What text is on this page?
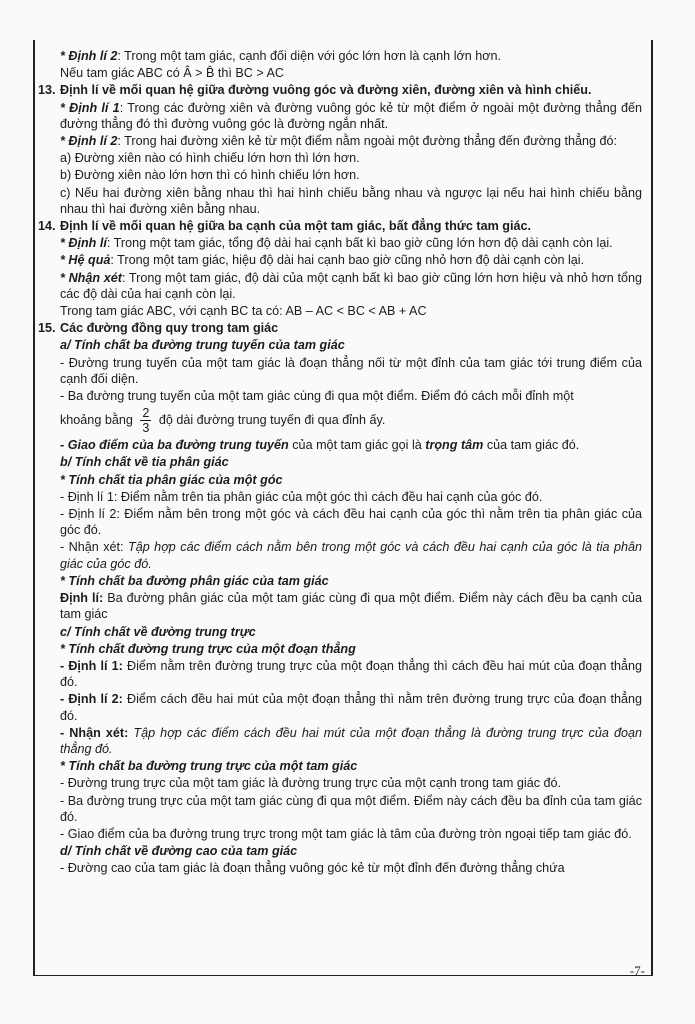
* Định lí 2: Trong một tam giác, cạnh đối diện với góc lớn hơn là cạnh lớn hơn.

Nếu tam giác ABC có Â > B̂ thì BC > AC

13. Định lí về mối quan hệ giữa đường vuông góc và đường xiên, đường xiên và hình chiếu.

* Định lí 1: Trong các đường xiên và đường vuông góc kẻ từ một điểm ở ngoài một đường thẳng đến đường thẳng đó thì đường vuông góc là đường ngắn nhất.

* Định lí 2: Trong hai đường xiên kẻ từ một điểm nằm ngoài một đường thẳng đến đường thẳng đó:

a) Đường xiên nào có hình chiếu lớn hơn thì lớn hơn.

b) Đường xiên nào lớn hơn thì có hình chiếu lớn hơn.

c) Nếu hai đường xiên bằng nhau thì hai hình chiếu bằng nhau và ngược lại nếu hai hình chiếu bằng nhau thì hai đường xiên bằng nhau.

14. Định lí về mối quan hệ giữa ba cạnh của một tam giác, bất đẳng thức tam giác.

* Định lí: Trong một tam giác, tổng độ dài hai cạnh bất kì bao giờ cũng lớn hơn độ dài cạnh còn lại.

* Hệ quả: Trong một tam giác, hiệu độ dài hai cạnh bao giờ cũng nhỏ hơn độ dài cạnh còn lại.

* Nhận xét: Trong một tam giác, độ dài của một cạnh bất kì bao giờ cũng lớn hơn hiệu và nhỏ hơn tổng các độ dài của hai cạnh còn lại.

Trong tam giác ABC, với cạnh BC ta có: AB – AC < BC < AB + AC

15. Các đường đồng quy trong tam giác

a/ Tính chất ba đường trung tuyến của tam giác

- Đường trung tuyến của một tam giác là đoạn thẳng nối từ một đỉnh của tam giác tới trung điểm của cạnh đối diện.

- Ba đường trung tuyến của một tam giác cùng đi qua một điểm. Điểm đó cách mỗi đỉnh một

khoảng bằng $\frac{2}{3}$ độ dài đường trung tuyến đi qua đỉnh ấy.

- Giao điểm của ba đường trung tuyến của một tam giác gọi là trọng tâm của tam giác đó.

b/ Tính chất về tia phân giác

* Tính chất tia phân giác của một góc

- Định lí 1: Điểm nằm trên tia phân giác của một góc thì cách đều hai cạnh của góc đó.

- Định lí 2: Điểm nằm bên trong một góc và cách đều hai cạnh của góc thì nằm trên tia phân giác của góc đó.

- Nhận xét: Tập hợp các điểm cách nằm bên trong một góc và cách đều hai cạnh của góc là tia phân giác của góc đó.

* Tính chất ba đường phân giác của tam giác

Định lí: Ba đường phân giác của một tam giác cùng đi qua một điểm. Điểm này cách đều ba cạnh của tam giác

c/ Tính chất về đường trung trực

* Tính chất đường trung trực của một đoạn thẳng

- Định lí 1: Điểm nằm trên đường trung trực của một đoạn thẳng thì cách đều hai mút của đoạn thẳng đó.

- Định lí 2: Điểm cách đều hai mút của một đoạn thẳng thì nằm trên đường trung trực của đoạn thẳng đó.

- Nhận xét: Tập hợp các điểm cách đều hai mút của một đoạn thẳng là đường trung trực của đoạn thẳng đó.

* Tính chất ba đường trung trực của một tam giác

- Đường trung trực của một tam giác là đường trung trực của một cạnh trong tam giác đó.

- Ba đường trung trực của một tam giác cùng đi qua một điểm. Điểm này cách đều ba đỉnh của tam giác đó.

- Giao điểm của ba đường trung trực trong một tam giác là tâm của đường tròn ngoại tiếp tam giác đó.

d/ Tính chất về đường cao của tam giác

- Đường cao của tam giác là đoạn thẳng vuông góc kẻ từ một đỉnh đến đường thẳng chứa

-7-
